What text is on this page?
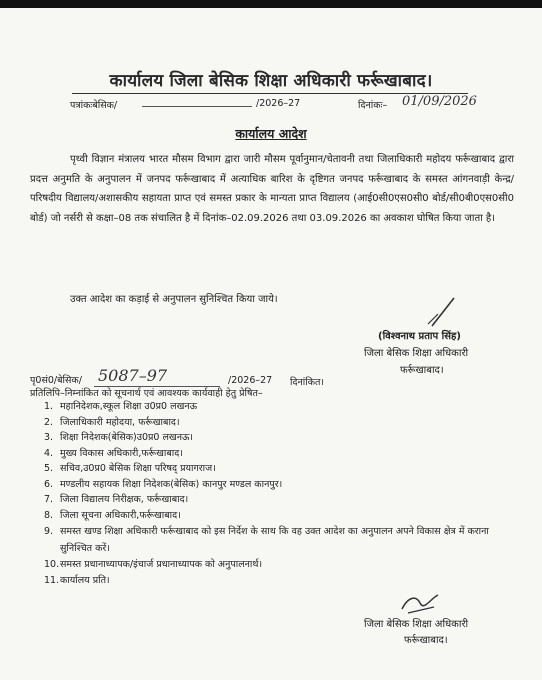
कार्यालय जिला बेसिक शिक्षा अधिकारी फर्रूखाबाद।
पत्रांकःबेसिक/	/2026–27	दिनांकः– 01/09/2026
कार्यालय आदेश
पृथ्वी विज्ञान मंत्रालय भारत मौसम विभाग द्वारा जारी मौसम पूर्वानुमान/चेतावनी तथा जिलाधिकारी महोदय फर्रूखाबाद द्वारा प्रदत्त अनुमति के अनुपालन में जनपद फर्रूखाबाद में अत्याधिक बारिश के दृष्टिगत जनपद फर्रूखाबाद के समस्त आंगनवाड़ी केन्द्र/परिषदीय विद्यालय/अशासकीय सहायता प्राप्त एवं समस्त प्रकार के मान्यता प्राप्त विद्यालय (आई0सी0एस0सी0 बोर्ड/सी0बी0एस0सी0 बोर्ड) जो नर्सरी से कक्षा–08 तक संचालित है में दिनांक–02.09.2026 तथा 03.09.2026 का अवकाश घोषित किया जाता है।
उक्त आदेश का कड़ाई से अनुपालन सुनिश्चित किया जाये।
(विश्वनाथ प्रताप सिंह)
जिला बेसिक शिक्षा अधिकारी
फर्रूखाबाद।
पृ0सं0/बेसिक/ 5087–97	/2026–27 दिनांकित।
प्रतिलिपि–निम्नांकित को सूचनार्थ एवं आवश्यक कार्यवाही हेतु प्रेषित–
1. महानिदेशक,स्कूल शिक्षा उ0प्र0 लखनऊ
2. जिलाधिकारी महोदया, फर्रूखाबाद।
3. शिक्षा निदेशक(बेसिक)उ0प्र0 लखनऊ।
4. मुख्य विकास अधिकारी,फर्रूखाबाद।
5. सचिव,उ0प्र0 बेसिक शिक्षा परिषद् प्रयागराज।
6. मण्डलीय सहायक शिक्षा निदेशक(बेसिक) कानपुर मण्डल कानपुर।
7. जिला विद्यालय निरीक्षक, फर्रूखाबाद।
8. जिला सूचना अधिकारी,फर्रूखाबाद।
9. समस्त खण्ड शिक्षा अधिकारी फर्रूखाबाद को इस निर्देश के साथ कि वह उक्त आदेश का अनुपालन अपने विकास क्षेत्र में कराना सुनिश्चित करें।
10. समस्त प्रधानाध्यापक/इंचार्ज प्रधानाध्यापक को अनुपालनार्थ।
11. कार्यालय प्रति।
जिला बेसिक शिक्षा अधिकारी
फर्रूखाबाद।
